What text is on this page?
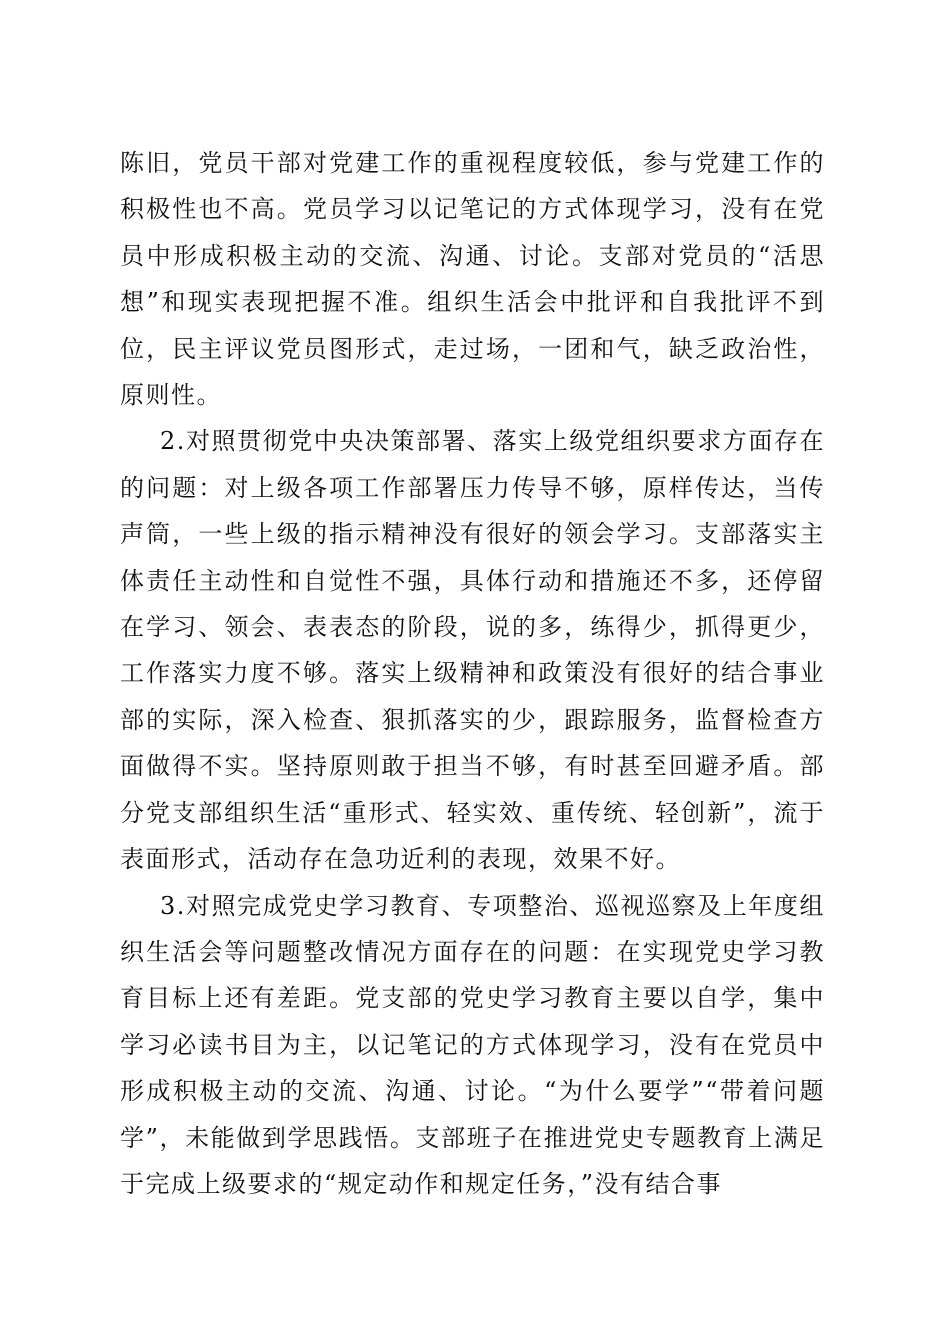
陈旧，党员干部对党建工作的重视程度较低，参与党建工作的积极性也不高。党员学习以记笔记的方式体现学习，没有在党员中形成积极主动的交流、沟通、讨论。支部对党员的“活思想”和现实表现把握不准。组织生活会中批评和自我批评不到位，民主评议党员图形式，走过场，一团和气，缺乏政治性，原则性。

2.对照贯彻党中央决策部署、落实上级党组织要求方面存在的问题：对上级各项工作部署压力传导不够，原样传达，当传声筒，一些上级的指示精神没有很好的领会学习。支部落实主体责任主动性和自觉性不强，具体行动和措施还不多，还停留在学习、领会、表表态的阶段，说的多，练得少，抓得更少，工作落实力度不够。落实上级精神和政策没有很好的结合事业部的实际，深入检查、狠抓落实的少，跟踪服务，监督检查方面做得不实。坚持原则敢于担当不够，有时甚至回避矛盾。部分党支部组织生活“重形式、轻实效、重传统、轻创新”，流于表面形式，活动存在急功近利的表现，效果不好。

3.对照完成党史学习教育、专项整治、巡视巡察及上年度组织生活会等问题整改情况方面存在的问题：在实现党史学习教育目标上还有差距。党支部的党史学习教育主要以自学，集中学习必读书目为主，以记笔记的方式体现学习，没有在党员中形成积极主动的交流、沟通、讨论。“为什么要学”“带着问题学”，未能做到学思践悟。支部班子在推进党史专题教育上满足于完成上级要求的“规定动作和规定任务，”没有结合事
